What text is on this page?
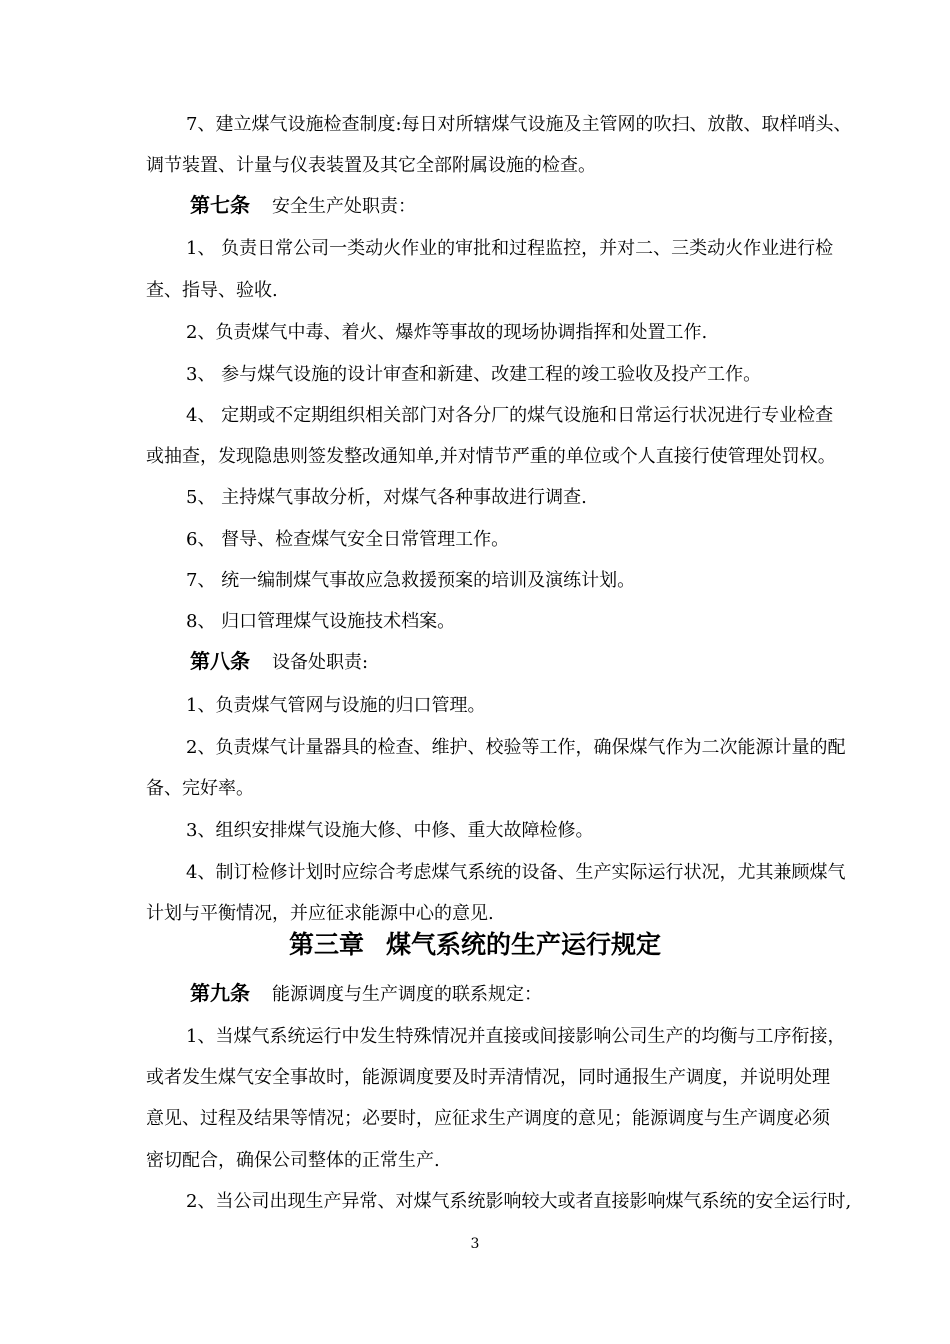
7、建立煤气设施检查制度:每日对所辖煤气设施及主管网的吹扫、放散、取样哨头、
调节装置、计量与仪表装置及其它全部附属设施的检查。
第七条 安全生产处职责：
1、 负责日常公司一类动火作业的审批和过程监控，并对二、三类动火作业进行检
查、指导、验收.
2、负责煤气中毒、着火、爆炸等事故的现场协调指挥和处置工作.
3、 参与煤气设施的设计审查和新建、改建工程的竣工验收及投产工作。
4、 定期或不定期组织相关部门对各分厂的煤气设施和日常运行状况进行专业检查
或抽查，发现隐患则签发整改通知单,并对情节严重的单位或个人直接行使管理处罚权。
5、 主持煤气事故分析，对煤气各种事故进行调查.
6、 督导、检查煤气安全日常管理工作。
7、 统一编制煤气事故应急救援预案的培训及演练计划。
8、 归口管理煤气设施技术档案。
第八条 设备处职责:
1、负责煤气管网与设施的归口管理。
2、负责煤气计量器具的检查、维护、校验等工作，确保煤气作为二次能源计量的配
备、完好率。
3、组织安排煤气设施大修、中修、重大故障检修。
4、制订检修计划时应综合考虑煤气系统的设备、生产实际运行状况，尤其兼顾煤气
计划与平衡情况，并应征求能源中心的意见.
第三章 煤气系统的生产运行规定
第九条 能源调度与生产调度的联系规定：
1、当煤气系统运行中发生特殊情况并直接或间接影响公司生产的均衡与工序衔接，
或者发生煤气安全事故时，能源调度要及时弄清情况，同时通报生产调度，并说明处理
意见、过程及结果等情况；必要时，应征求生产调度的意见；能源调度与生产调度必须
密切配合，确保公司整体的正常生产.
2、当公司出现生产异常、对煤气系统影响较大或者直接影响煤气系统的安全运行时,
3
